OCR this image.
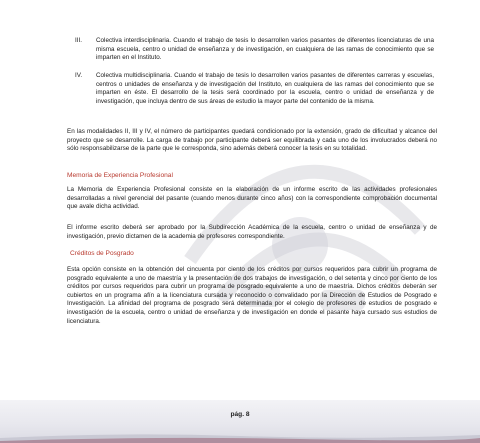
III.	Colectiva interdisciplinaria. Cuando el trabajo de tesis lo desarrollen varios pasantes de diferentes licenciaturas de una misma escuela, centro o unidad de enseñanza y de investigación, en cualquiera de las ramas de conocimiento que se imparten en el Instituto.
IV.	Colectiva multidisciplinaria. Cuando el trabajo de tesis lo desarrollen varios pasantes de diferentes carreras y escuelas, centros o unidades de enseñanza y de investigación del Instituto, en cualquiera de las ramas del conocimiento que se imparten en éste. El desarrollo de la tesis será coordinado por la escuela, centro o unidad de enseñanza y de investigación, que incluya dentro de sus áreas de estudio la mayor parte del contenido de la misma.

En las modalidades II, III y IV, el número de participantes quedará condicionado por la extensión, grado de dificultad y alcance del proyecto que se desarrolle. La carga de trabajo por participante deberá ser equilibrada y cada uno de los involucrados deberá no sólo responsabilizarse de la parte que le corresponda, sino además deberá conocer la tesis en su totalidad.

Memoria de Experiencia Profesional

La Memoria de Experiencia Profesional consiste en la elaboración de un informe escrito de las actividades profesionales desarrolladas a nivel gerencial del pasante (cuando menos durante cinco años) con la correspondiente comprobación documental que avale dicha actividad.

El informe escrito deberá ser aprobado por la Subdirección Académica de la escuela, centro o unidad de enseñanza y de investigación, previo dictamen de la academia de profesores correspondiente.

Créditos de Posgrado

Esta opción consiste en la obtención del cincuenta por ciento de los créditos por cursos requeridos para cubrir un programa de posgrado equivalente a uno de maestría y la presentación de dos trabajos de investigación, o del setenta y cinco por ciento de los créditos por cursos requeridos para cubrir un programa de posgrado equivalente a uno de maestría. Dichos créditos deberán ser cubiertos en un programa afín a la licenciatura cursada y reconocido o convalidado por la Dirección de Estudios de Posgrado e Investigación. La afinidad del programa de posgrado será determinada por el colegio de profesores de estudios de posgrado e investigación de la escuela, centro o unidad de enseñanza y de investigación en donde el pasante haya cursado sus estudios de licenciatura.

pág. 8
